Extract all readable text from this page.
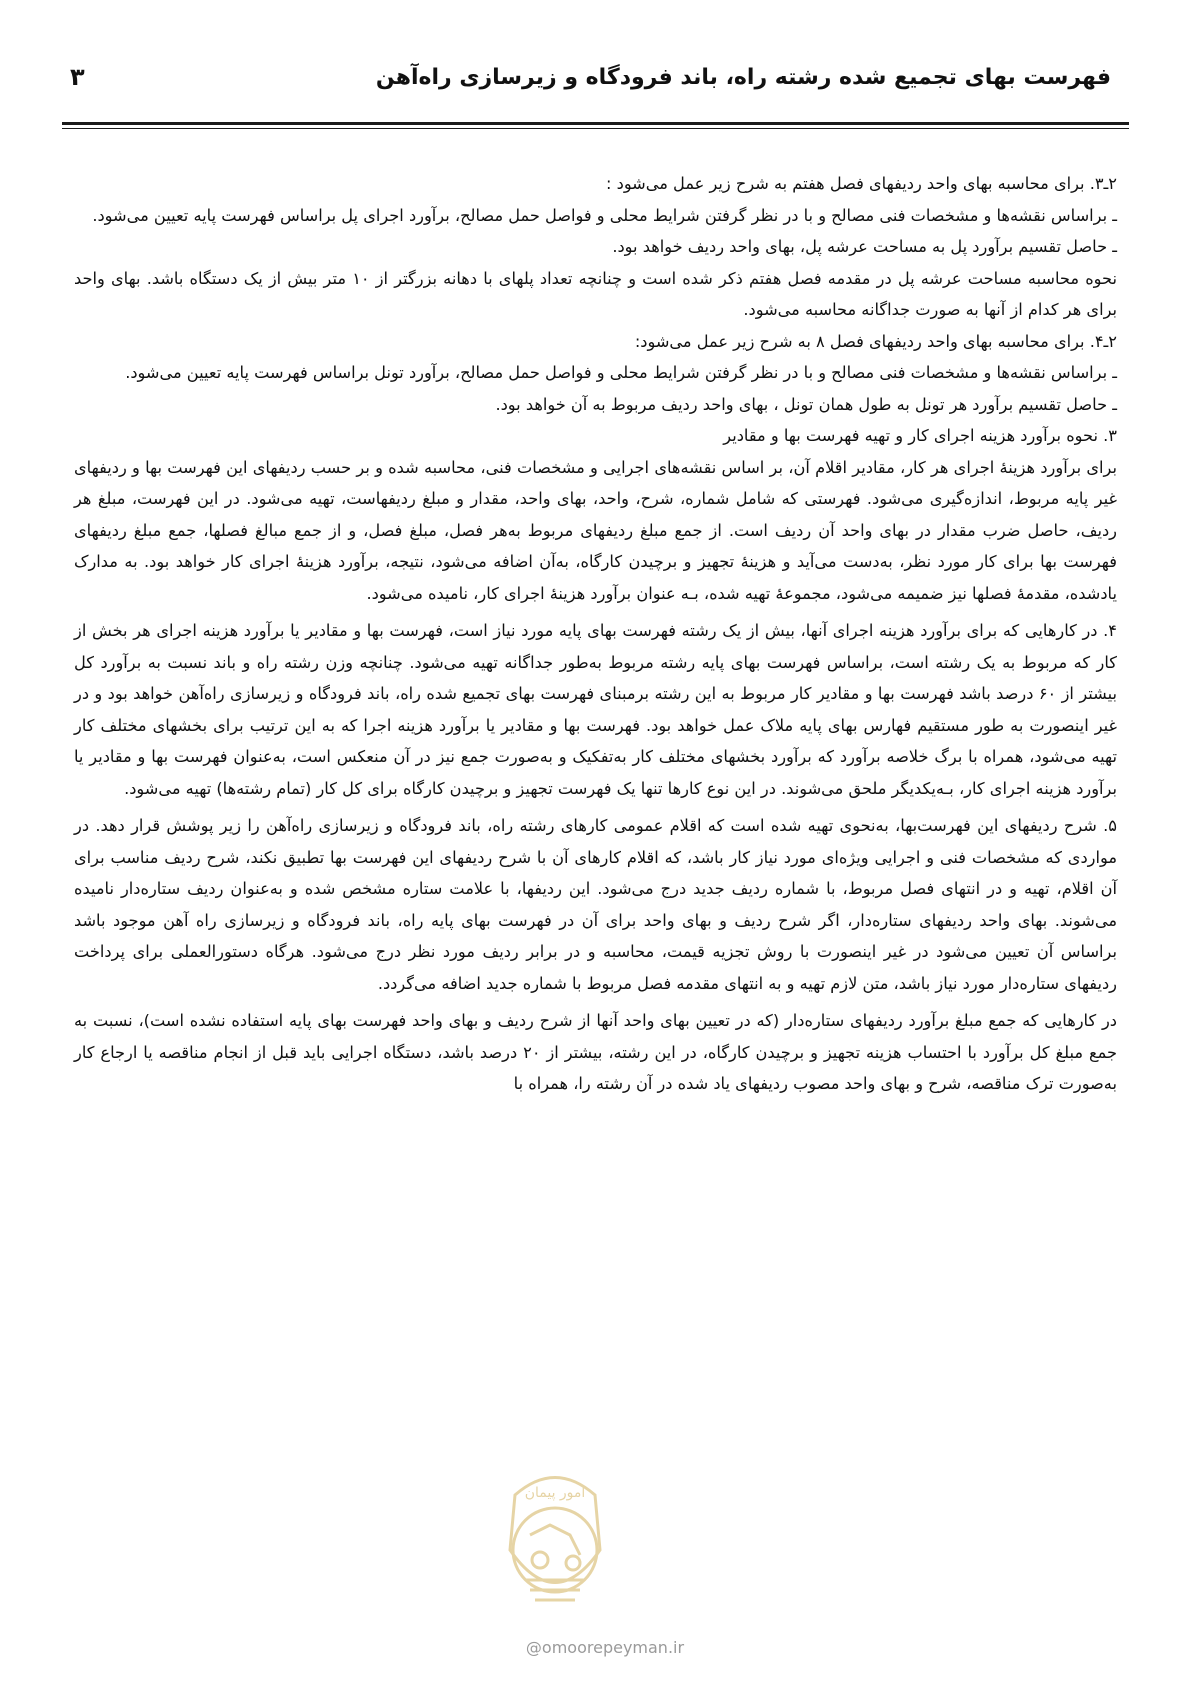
فهرست بهای تجمیع شده رشته راه، باند فرودگاه و زیرسازی راه‌آهن
۳

۲ـ۳. برای محاسبه بهای واحد ردیفهای فصل هفتم به شرح زیر عمل می‌شود :

ـ براساس نقشه‌ها و مشخصات فنی مصالح و با در نظر گرفتن شرایط محلی و فواصل حمل مصالح، برآورد اجرای پل براساس فهرست پایه تعیین می‌شود.

ـ حاصل تقسیم برآورد پل به مساحت عرشه پل، بهای واحد ردیف خواهد بود.

نحوه محاسبه مساحت عرشه پل در مقدمه فصل هفتم ذکر شده است و چنانچه تعداد پلهای با دهانه بزرگتر از ۱۰ متر بیش از یک دستگاه باشد. بهای واحد برای هر کدام از آنها به صورت جداگانه محاسبه می‌شود.

۲ـ۴. برای محاسبه بهای واحد ردیفهای فصل ۸ به شرح زیر عمل می‌شود:

ـ براساس نقشه‌ها و مشخصات فنی مصالح و با در نظر گرفتن شرایط محلی و فواصل حمل مصالح، برآورد تونل براساس فهرست پایه تعیین می‌شود.

ـ حاصل تقسیم برآورد هر تونل به طول همان تونل ، بهای واحد ردیف مربوط به آن خواهد بود.

۳. نحوه برآورد هزینه اجرای کار و تهیه فهرست بها و مقادیر

برای برآورد هزینهٔ اجرای هر کار، مقادیر اقلام آن، بر اساس نقشه‌های اجرایی و مشخصات فنی، محاسبه شده و بر حسب ردیفهای این فهرست بها و ردیفهای غیر پایه مربوط، اندازه‌گیری می‌شود. فهرستی که شامل شماره، شرح، واحد، بهای واحد، مقدار و مبلغ ردیفهاست، تهیه می‌شود. در این فهرست، مبلغ هر ردیف، حاصل ضرب مقدار در بهای واحد آن ردیف است. از جمع مبلغ ردیفهای مربوط به‌هر فصل، مبلغ فصل، و از جمع مبالغ فصلها، جمع مبلغ ردیفهای فهرست بها برای کار مورد نظر، به‌دست می‌آید و هزینهٔ تجهیز و برچیدن کارگاه، به‌آن اضافه می‌شود، نتیجه، برآورد هزینهٔ اجرای کار خواهد بود. به مدارک یادشده، مقدمهٔ فصلها نیز ضمیمه می‌شود، مجموعهٔ تهیه شده، بـه عنوان برآورد هزینهٔ اجرای کار، نامیده می‌شود.

۴. در کارهایی که برای برآورد هزینه اجرای آنها، بیش از یک رشته فهرست بهای پایه مورد نیاز است، فهرست بها و مقادیر یا برآورد هزینه اجرای هر بخش از کار که مربوط به یک رشته است، براساس فهرست بهای پایه رشته مربوط به‌طور جداگانه تهیه می‌شود. چنانچه وزن رشته راه و باند نسبت به برآورد کل بیشتر از ۶۰ درصد باشد فهرست بها و مقادیر کار مربوط به این رشته برمبنای فهرست بهای تجمیع شده راه، باند فرودگاه و زیرسازی راه‌آهن خواهد بود و در غیر اینصورت به طور مستقیم فهارس بهای پایه ملاک عمل خواهد بود. فهرست بها و مقادیر یا برآورد هزینه اجرا که به این ترتیب برای بخشهای مختلف کار تهیه می‌شود، همراه با برگ خلاصه برآورد که برآورد بخشهای مختلف کار به‌تفکیک و به‌صورت جمع نیز در آن منعکس است، به‌عنوان فهرست بها و مقادیر یا برآورد هزینه اجرای کار، بـه‌یکدیگر ملحق می‌شوند. در این نوع کارها تنها یک فهرست تجهیز و برچیدن کارگاه برای کل کار (تمام رشته‌ها) تهیه می‌شود.

۵. شرح ردیفهای این فهرست‌بها، به‌نحوی تهیه شده است که اقلام عمومی کارهای رشته راه، باند فرودگاه و زیرسازی راه‌آهن را زیر پوشش قرار دهد. در مواردی که مشخصات فنی و اجرایی ویژه‌ای مورد نیاز کار باشد، که اقلام کارهای آن با شرح ردیفهای این فهرست بها تطبیق نکند، شرح ردیف مناسب برای آن اقلام، تهیه و در انتهای فصل مربوط، با شماره ردیف جدید درج می‌شود. این ردیفها، با علامت ستاره مشخص شده و به‌عنوان ردیف ستاره‌دار نامیده می‌شوند. بهای واحد ردیفهای ستاره‌دار، اگر شرح ردیف و بهای واحد برای آن در فهرست بهای پایه راه، باند فرودگاه و زیرسازی راه آهن موجود باشد براساس آن تعیین می‌شود در غیر اینصورت با روش تجزیه قیمت، محاسبه و در برابر ردیف مورد نظر درج می‌شود. هرگاه دستورالعملی برای پرداخت ردیفهای ستاره‌دار مورد نیاز باشد، متن لازم تهیه و به انتهای مقدمه فصل مربوط با شماره جدید اضافه می‌گردد.

در کارهایی که جمع مبلغ برآورد ردیفهای ستاره‌دار (که در تعیین بهای واحد آنها از شرح ردیف و بهای واحد فهرست بهای پایه استفاده نشده است)، نسبت به جمع مبلغ کل برآورد با احتساب هزینه تجهیز و برچیدن کارگاه، در این رشته، بیشتر از ۲۰ درصد باشد، دستگاه اجرایی باید قبل از انجام مناقصه یا ارجاع کار به‌صورت ترک مناقصه، شرح و بهای واحد مصوب ردیفهای یاد شده در آن رشته را، همراه با

امور پیمان
@omoorepeyman.ir
